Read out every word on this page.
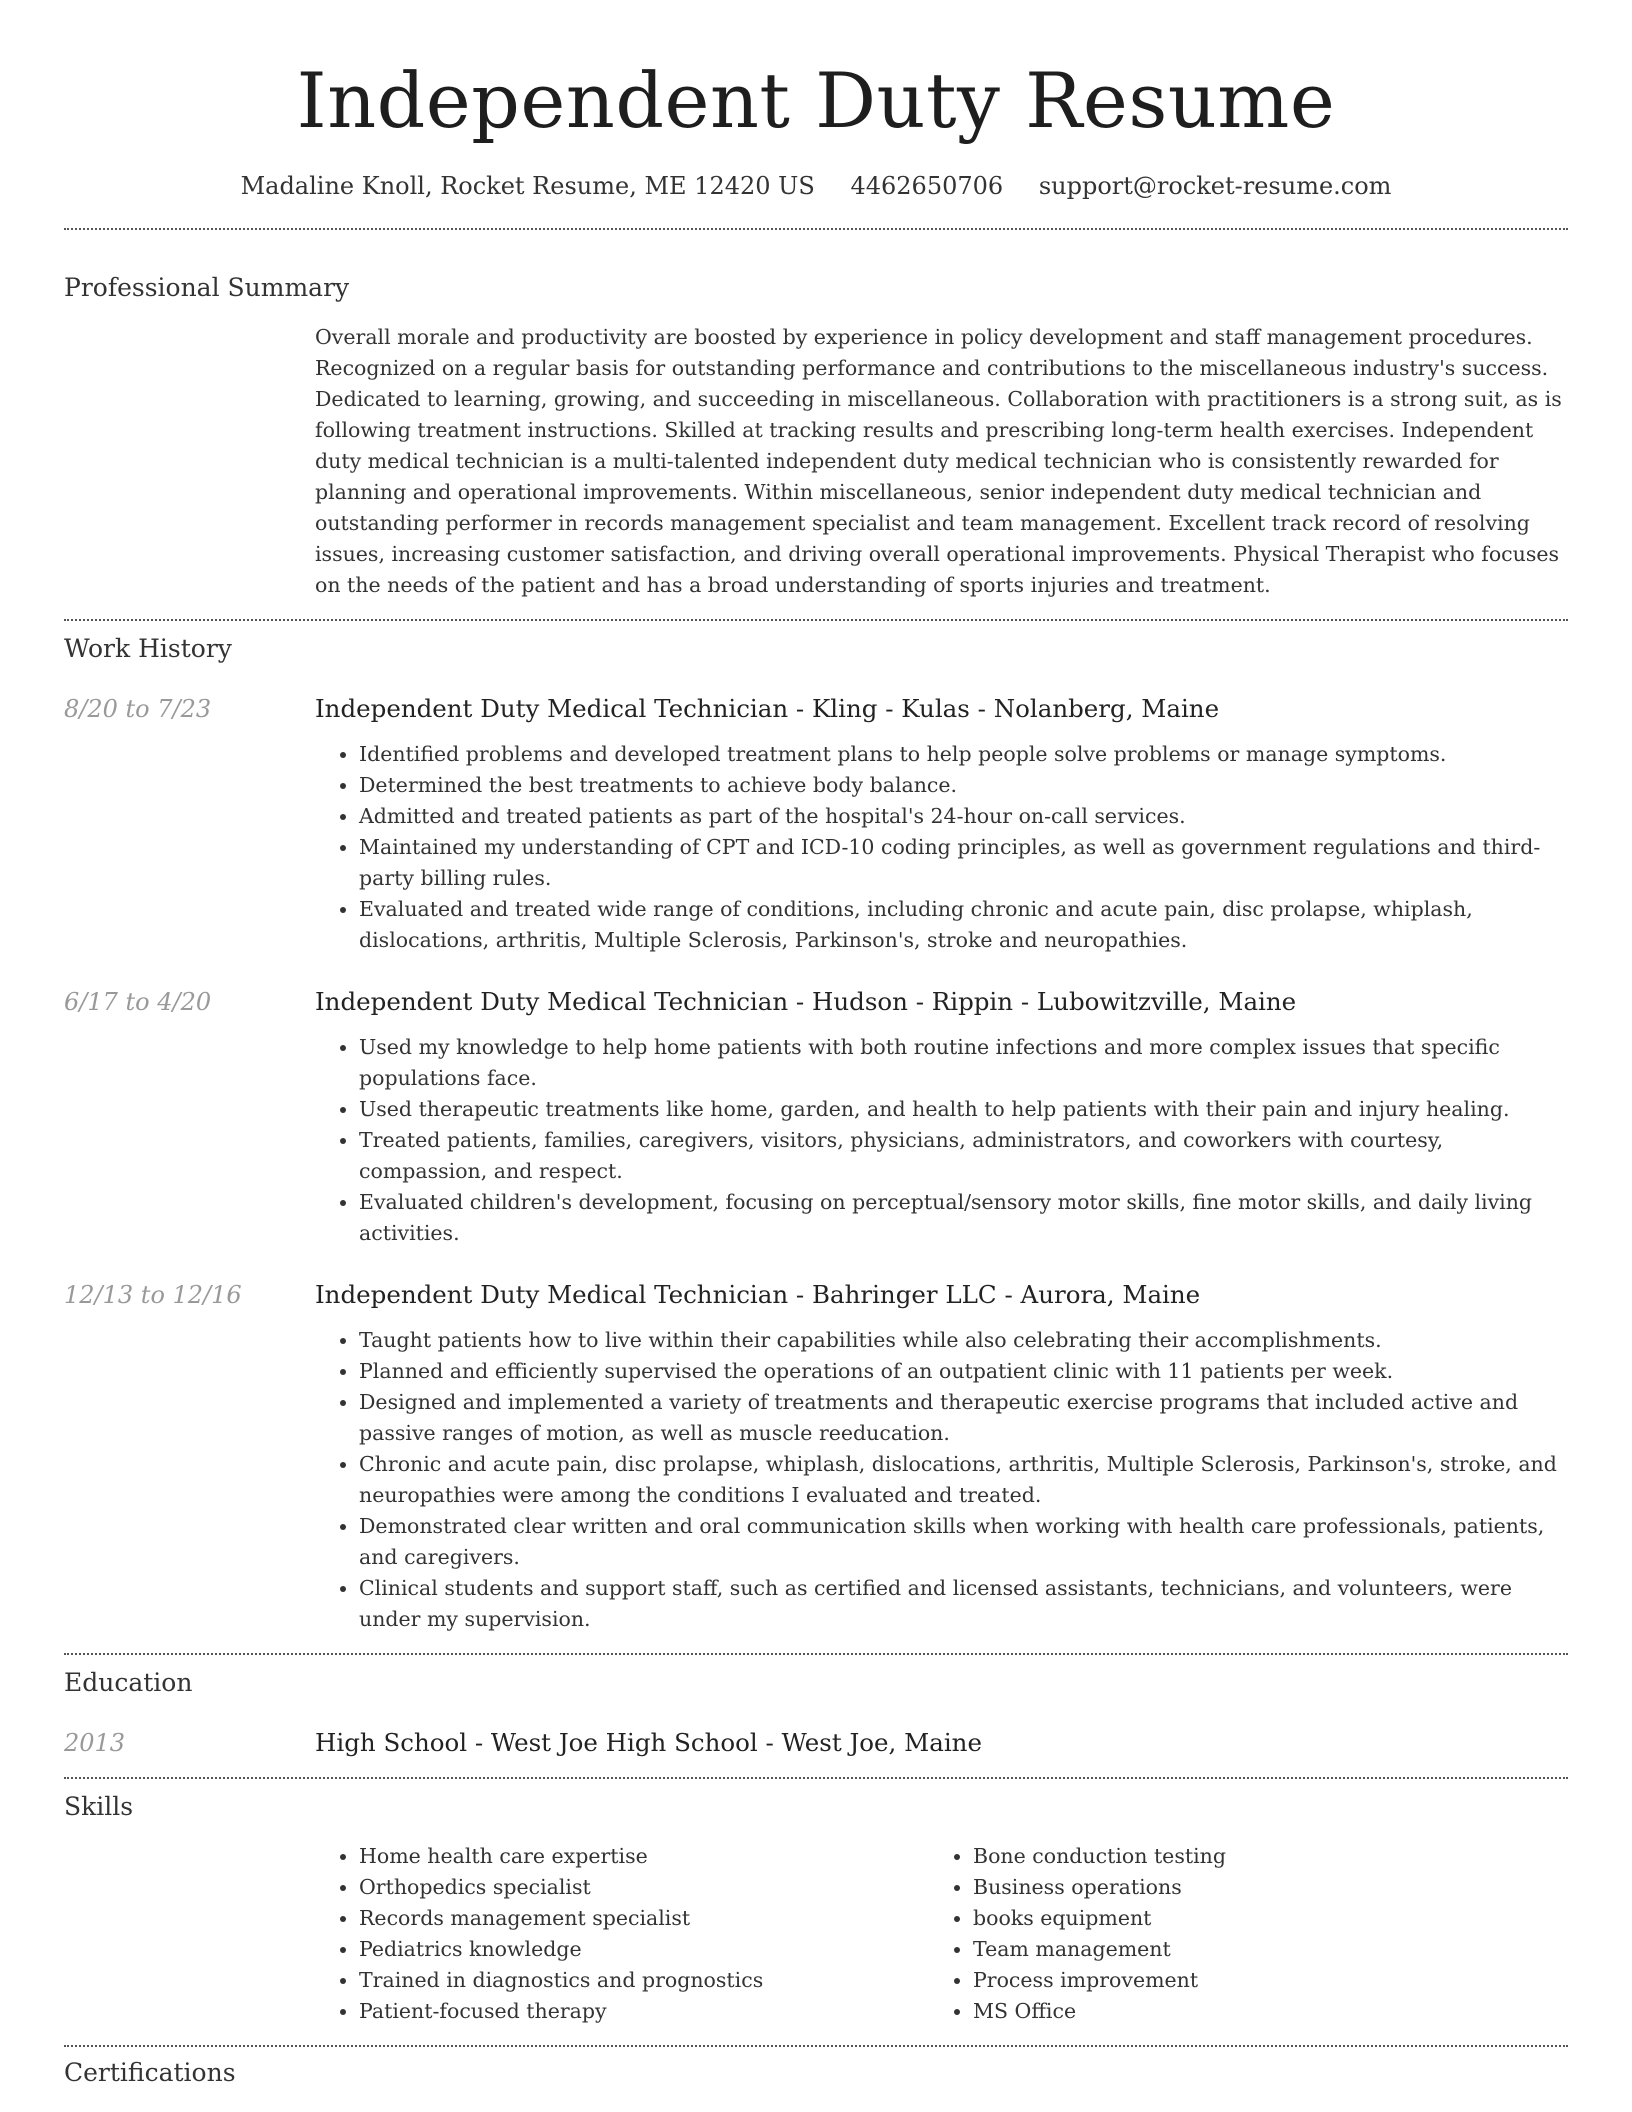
Independent Duty Resume
Madaline Knoll, Rocket Resume, ME 12420 US 4462650706 support@rocket-resume.com
Professional Summary

Overall morale and productivity are boosted by experience in policy development and staff management procedures. Recognized on a regular basis for outstanding performance and contributions to the miscellaneous industry's success. Dedicated to learning, growing, and succeeding in miscellaneous. Collaboration with practitioners is a strong suit, as is following treatment instructions. Skilled at tracking results and prescribing long-term health exercises. Independent duty medical technician is a multi-talented independent duty medical technician who is consistently rewarded for planning and operational improvements. Within miscellaneous, senior independent duty medical technician and outstanding performer in records management specialist and team management. Excellent track record of resolving issues, increasing customer satisfaction, and driving overall operational improvements. Physical Therapist who focuses on the needs of the patient and has a broad understanding of sports injuries and treatment.

Work History
8/20 to 7/23	Independent Duty Medical Technician - Kling - Kulas - Nolanberg, Maine
• Identified problems and developed treatment plans to help people solve problems or manage symptoms.
• Determined the best treatments to achieve body balance.
• Admitted and treated patients as part of the hospital's 24-hour on-call services.
• Maintained my understanding of CPT and ICD-10 coding principles, as well as government regulations and third-party billing rules.
• Evaluated and treated wide range of conditions, including chronic and acute pain, disc prolapse, whiplash, dislocations, arthritis, Multiple Sclerosis, Parkinson's, stroke and neuropathies.
6/17 to 4/20	Independent Duty Medical Technician - Hudson - Rippin - Lubowitzville, Maine
• Used my knowledge to help home patients with both routine infections and more complex issues that specific populations face.
• Used therapeutic treatments like home, garden, and health to help patients with their pain and injury healing.
• Treated patients, families, caregivers, visitors, physicians, administrators, and coworkers with courtesy, compassion, and respect.
• Evaluated children's development, focusing on perceptual/sensory motor skills, fine motor skills, and daily living activities.
12/13 to 12/16	Independent Duty Medical Technician - Bahringer LLC - Aurora, Maine
• Taught patients how to live within their capabilities while also celebrating their accomplishments.
• Planned and efficiently supervised the operations of an outpatient clinic with 11 patients per week.
• Designed and implemented a variety of treatments and therapeutic exercise programs that included active and passive ranges of motion, as well as muscle reeducation.
• Chronic and acute pain, disc prolapse, whiplash, dislocations, arthritis, Multiple Sclerosis, Parkinson's, stroke, and neuropathies were among the conditions I evaluated and treated.
• Demonstrated clear written and oral communication skills when working with health care professionals, patients, and caregivers.
• Clinical students and support staff, such as certified and licensed assistants, technicians, and volunteers, were under my supervision.
Education
2013	High School - West Joe High School - West Joe, Maine
Skills
• Home health care expertise
• Orthopedics specialist
• Records management specialist
• Pediatrics knowledge
• Trained in diagnostics and prognostics
• Patient-focused therapy
• Bone conduction testing
• Business operations
• books equipment
• Team management
• Process improvement
• MS Office
Certifications
